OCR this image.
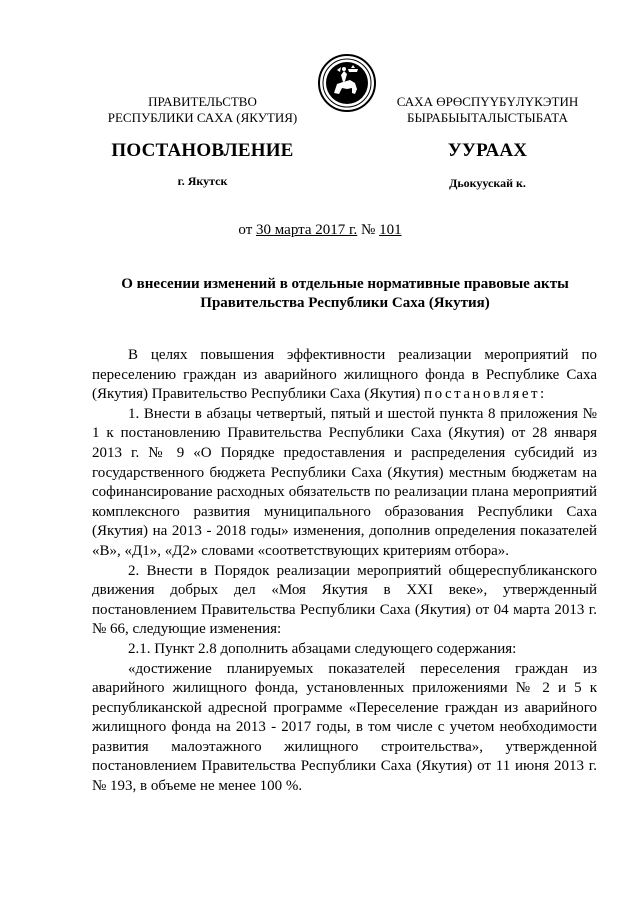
ПРАВИТЕЛЬСТВО
РЕСПУБЛИКИ САХА (ЯКУТИЯ)
САХА ӨРӨСПҮҮБҮЛҮКЭТИН
БЫРАБЫЫТАЛЫСТЫБАТА
ПОСТАНОВЛЕНИЕ	УУРААХ
г. Якутск	Дьокуускай к.
от 30 марта 2017 г. № 101
О внесении изменений в отдельные нормативные правовые акты
Правительства Республики Саха (Якутия)

В целях повышения эффективности реализации мероприятий по переселению граждан из аварийного жилищного фонда в Республике Саха (Якутия) Правительство Республики Саха (Якутия) постановляет:

1. Внести в абзацы четвертый, пятый и шестой пункта 8 приложения № 1 к постановлению Правительства Республики Саха (Якутия) от 28 января 2013 г. № 9 «О Порядке предоставления и распределения субсидий из государственного бюджета Республики Саха (Якутия) местным бюджетам на софинансирование расходных обязательств по реализации плана мероприятий комплексного развития муниципального образования Республики Саха (Якутия) на 2013 - 2018 годы» изменения, дополнив определения показателей «В», «Д1», «Д2» словами «соответствующих критериям отбора».

2. Внести в Порядок реализации мероприятий общереспубликанского движения добрых дел «Моя Якутия в XXI веке», утвержденный постановлением Правительства Республики Саха (Якутия) от 04 марта 2013 г. № 66, следующие изменения:

2.1. Пункт 2.8 дополнить абзацами следующего содержания:

«достижение планируемых показателей переселения граждан из аварийного жилищного фонда, установленных приложениями № 2 и 5 к республиканской адресной программе «Переселение граждан из аварийного жилищного фонда на 2013 - 2017 годы, в том числе с учетом необходимости развития малоэтажного жилищного строительства», утвержденной постановлением Правительства Республики Саха (Якутия) от 11 июня 2013 г. № 193, в объеме не менее 100 %.
